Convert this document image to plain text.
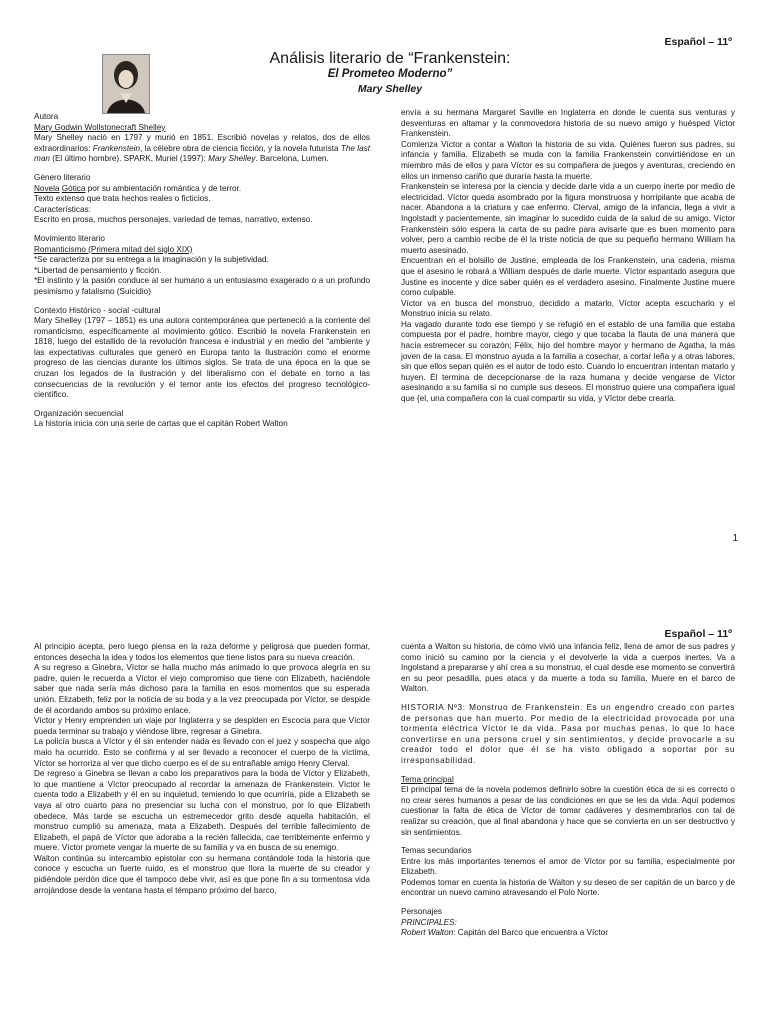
Español – 11º
Análisis literario de “Frankenstein:
El Prometeo Moderno”
Mary Shelley

Autora

Mary Godwin Wollstonecraft Shelley

Mary Shelley nació en 1797 y murió en 1851. Escribió novelas y relatos, dos de ellos extraordinarios: Frankenstein, la célebre obra de ciencia ficción, y la novela futurista The last man (El último hombre). SPARK, Muriel (1997): Mary Shelley. Barcelona, Lumen.

Género literario

Novela Gótica por su ambientación romántica y de terror.

Texto extenso que trata hechos reales o ficticios.

Características:

Escrito en prosa, muchos personajes, variedad de temas, narrativo, extenso.

Movimiento literario

Romanticismo (Primera mitad del siglo XIX)

*Se caracteriza por su entrega a la imaginación y la subjetividad.

*Libertad de pensamiento y ficción.

*El instinto y la pasión conduce al ser humano a un entusiasmo exagerado o a un profundo pesimismo y fatalismo (Suicidio)

Contexto Histórico - social -cultural

Mary Shelley (1797 – 1851) es una autora contemporánea que perteneció a la corriente del romanticismo, específicamente al movimiento gótico. Escribió la novela Frankenstein en 1818, luego del estallido de la revolución francesa e industrial y en medio del “ambiente y las expectativas culturales que generó en Europa tanto la Ilustración como el enorme progreso de las ciencias durante los últimos siglos. Se trata de una época en la que se cruzan los legados de la ilustración y del liberalismo con el debate en torno a las consecuencias de la revolución y el temor ante los efectos del progreso tecnológico-científico.

Organización secuencial

La historia inicia con una serie de cartas que el capitán Robert Walton

envía a su hermana Margaret Saville en Inglaterra en donde le cuenta sus venturas y desventuras en altamar y la conmovedora historia de su nuevo amigo y huésped Víctor Frankenstein.

Comienza Víctor a contar a Walton la historia de su vida. Quiénes fueron sus padres, su infancia y familia. Elizabeth se muda con la familia Frankenstein convirtiéndose en un miembro más de ellos y para Víctor es su compañera de juegos y aventuras, creciendo en ellos un inmenso cariño que duraría hasta la muerte.

Frankenstein se interesa por la ciencia y decide darle vida a un cuerpo inerte por medio de electricidad. Víctor queda asombrado por la figura monstruosa y horripilante que acaba de nacer. Abandona a la criatura y cae enfermo. Clerval, amigo de la infancia, llega a vivir a Ingolstadt y pacientemente, sin imaginar lo sucedido cuida de la salud de su amigo. Víctor Frankenstein sólo espera la carta de su padre para avisarle que es buen momento para volver, pero a cambio recibe de él la triste noticia de que su pequeño hermano William ha muerto asesinado.

Encuentran en el bolsillo de Justine, empleada de los Frankenstein, una cadena, misma que el asesino le robará a William después de darle muerte. Víctor espantado asegura que Justine es inocente y dice saber quién es el verdadero asesino. Finalmente Justine muere como culpable.

Víctor va en busca del monstruo, decidido a matarlo, Víctor acepta escucharlo y el Monstruo inicia su relato.

Ha vagado durante todo ese tiempo y se refugió en el establo de una familia que estaba compuesta por el padre, hombre mayor, ciego y que tocaba la flauta de una manera que hacía estremecer su corazón; Félix, hijo del hombre mayor y hermano de Agatha, la más joven de la casa. El monstruo ayuda a la familia a cosechar, a cortar leña y a otras labores, sin que ellos sepan quién es el autor de todo esto. Cuando lo encuentran intentan matarlo y huyen. Él termina de decepcionarse de la raza humana y decide vengarse de Víctor asesinando a su familia si no cumple sus deseos. El monstruo quiere una compañera igual que {el, una compañera con la cual compartir su vida, y Víctor debe crearla.

1
Español – 11º

Al principio acepta, pero luego piensa en la raza deforme y peligrosa que pueden formar, entonces desecha la idea y todos los elementos que tiene listos para su nueva creación.

A su regreso a Ginebra, Víctor se halla mucho más animado lo que provoca alegría en su padre, quien le recuerda a Víctor el viejo compromiso que tiene con Elizabeth, haciéndole saber que nada sería más dichoso para la familia en esos momentos que su esperada unión. Elizabeth, feliz por la noticia de su boda y a la vez preocupada por Víctor, se despide de él acordando ambos su próximo enlace.

Víctor y Henry emprenden un viaje por Inglaterra y se despiden en Escocia para que Víctor pueda terminar su trabajo y viéndose libre, regresar a Ginebra.

La policía busca a Víctor y él sin entender nada es llevado con el juez y sospecha que algo malo ha ocurrido. Esto se confirma y al ser llevado a reconocer el cuerpo de la víctima, Víctor se horroriza al ver que dicho cuerpo es el de su entrañable amigo Henry Clerval.

De regreso a Ginebra se llevan a cabo los preparativos para la boda de Víctor y Elizabeth, lo que mantiene a Víctor preocupado al recordar la amenaza de Frankenstein. Víctor le cuenta todo a Elizabeth y él en su inquietud, temiendo lo que ocurriría, pide a Elizabeth se vaya al otro cuarto para no presenciar su lucha con el monstruo, por lo que Elizabeth obedece. Más tarde se escucha un estremecedor grito desde aquella habitación, el monstruo cumplió su amenaza, mata a Elizabeth. Después del terrible fallecimiento de Elizabeth, el papá de Víctor que adoraba a la recién fallecida, cae terriblemente enfermo y muere. Víctor promete vengar la muerte de su familia y va en busca de su enemigo.

Walton continúa su intercambio epistolar con su hermana contándole toda la historia que conoce y escucha un fuerte ruido, es el monstruo que llora la muerte de su creador y pidiéndole perdón dice que él tampoco debe vivir, así es que pone fin a su tormentosa vida arrojándose desde la ventana hasta el témpano próximo del barco,

cuenta a Walton su historia, de cómo vivió una infancia feliz, llena de amor de sus padres y como inició su camino por la ciencia y el devolverle la vida a cuerpos inertes. Va a Ingolstand a prepararse y ahí crea a su monstruo, el cual desde ese momento se convertirá en su peor pesadilla, pues ataca y da muerte a toda su familia. Muere en el barco de Walton.

HISTORIA Nº3: Monstruo de Frankenstein. Es un engendro creado con partes de personas que han muerto. Por medio de la electricidad provocada por una tormenta eléctrica Víctor le da vida. Pasa por muchas penas, lo que lo hace convertirse en una persona cruel y sin sentimientos, y decide provocarle a su creador todo el dolor que él se ha visto obligado a soportar por su irresponsabilidad.

Tema principal

El principal tema de la novela podemos definirlo sobre la cuestión ética de si es correcto o no crear seres humanos a pesar de las condiciones en que se les da vida. Aquí podemos cuestionar la falta de ética de Víctor de tomar cadáveres y desmembrarlos con tal de realizar su creación, que al final abandona y hace que se convierta en un ser destructivo y sin sentimientos.

Temas secundarios

Entre los más importantes tenemos el amor de Víctor por su familia, especialmente por Elizabeth.

Podemos tomar en cuenta la historia de Walton y su deseo de ser capitán de un barco y de encontrar un nuevo camino atravesando el Polo Norte.

Personajes

PRINCIPALES:

Robert Walton: Capitán del Barco que encuentra a Víctor
